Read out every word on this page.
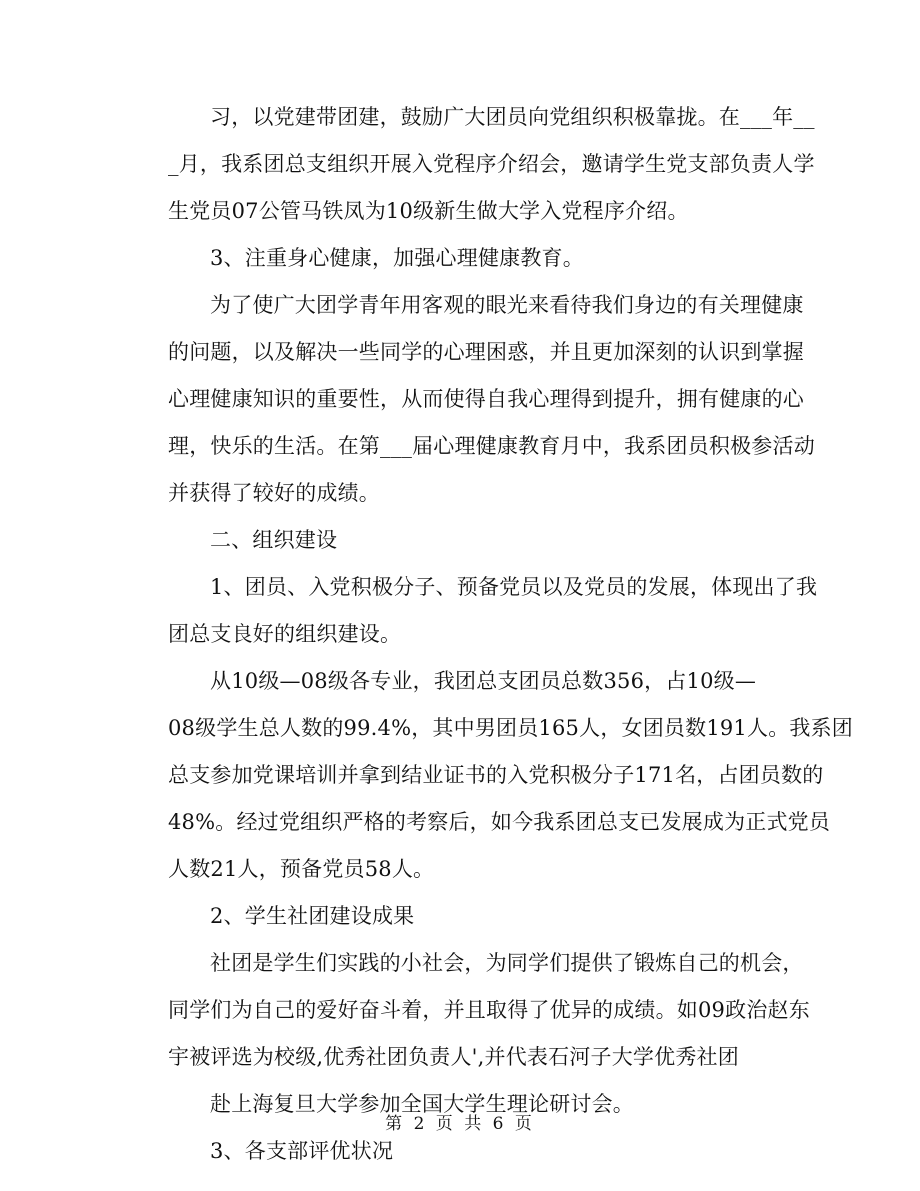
习，以党建带团建，鼓励广大团员向党组织积极靠拢。在___年__
_月，我系团总支组织开展入党程序介绍会，邀请学生党支部负责人学
生党员07公管马铁凤为10级新生做大学入党程序介绍。
3、注重身心健康，加强心理健康教育。
为了使广大团学青年用客观的眼光来看待我们身边的有关理健康
的问题，以及解决一些同学的心理困惑，并且更加深刻的认识到掌握
心理健康知识的重要性，从而使得自我心理得到提升，拥有健康的心
理，快乐的生活。在第___届心理健康教育月中，我系团员积极参活动
并获得了较好的成绩。
二、组织建设
1、团员、入党积极分子、预备党员以及党员的发展，体现出了我
团总支良好的组织建设。
从10级—08级各专业，我团总支团员总数356，占10级—
08级学生总人数的99.4%，其中男团员165人，女团员数191人。我系团
总支参加党课培训并拿到结业证书的入党积极分子171名，占团员数的
48%。经过党组织严格的考察后，如今我系团总支已发展成为正式党员
人数21人，预备党员58人。
2、学生社团建设成果
社团是学生们实践的小社会，为同学们提供了锻炼自己的机会，
同学们为自己的爱好奋斗着，并且取得了优异的成绩。如09政治赵东
宇被评选为校级,优秀社团负责人',并代表石河子大学优秀社团
赴上海复旦大学参加全国大学生理论研讨会。
3、各支部评优状况
第 2 页 共 6 页
